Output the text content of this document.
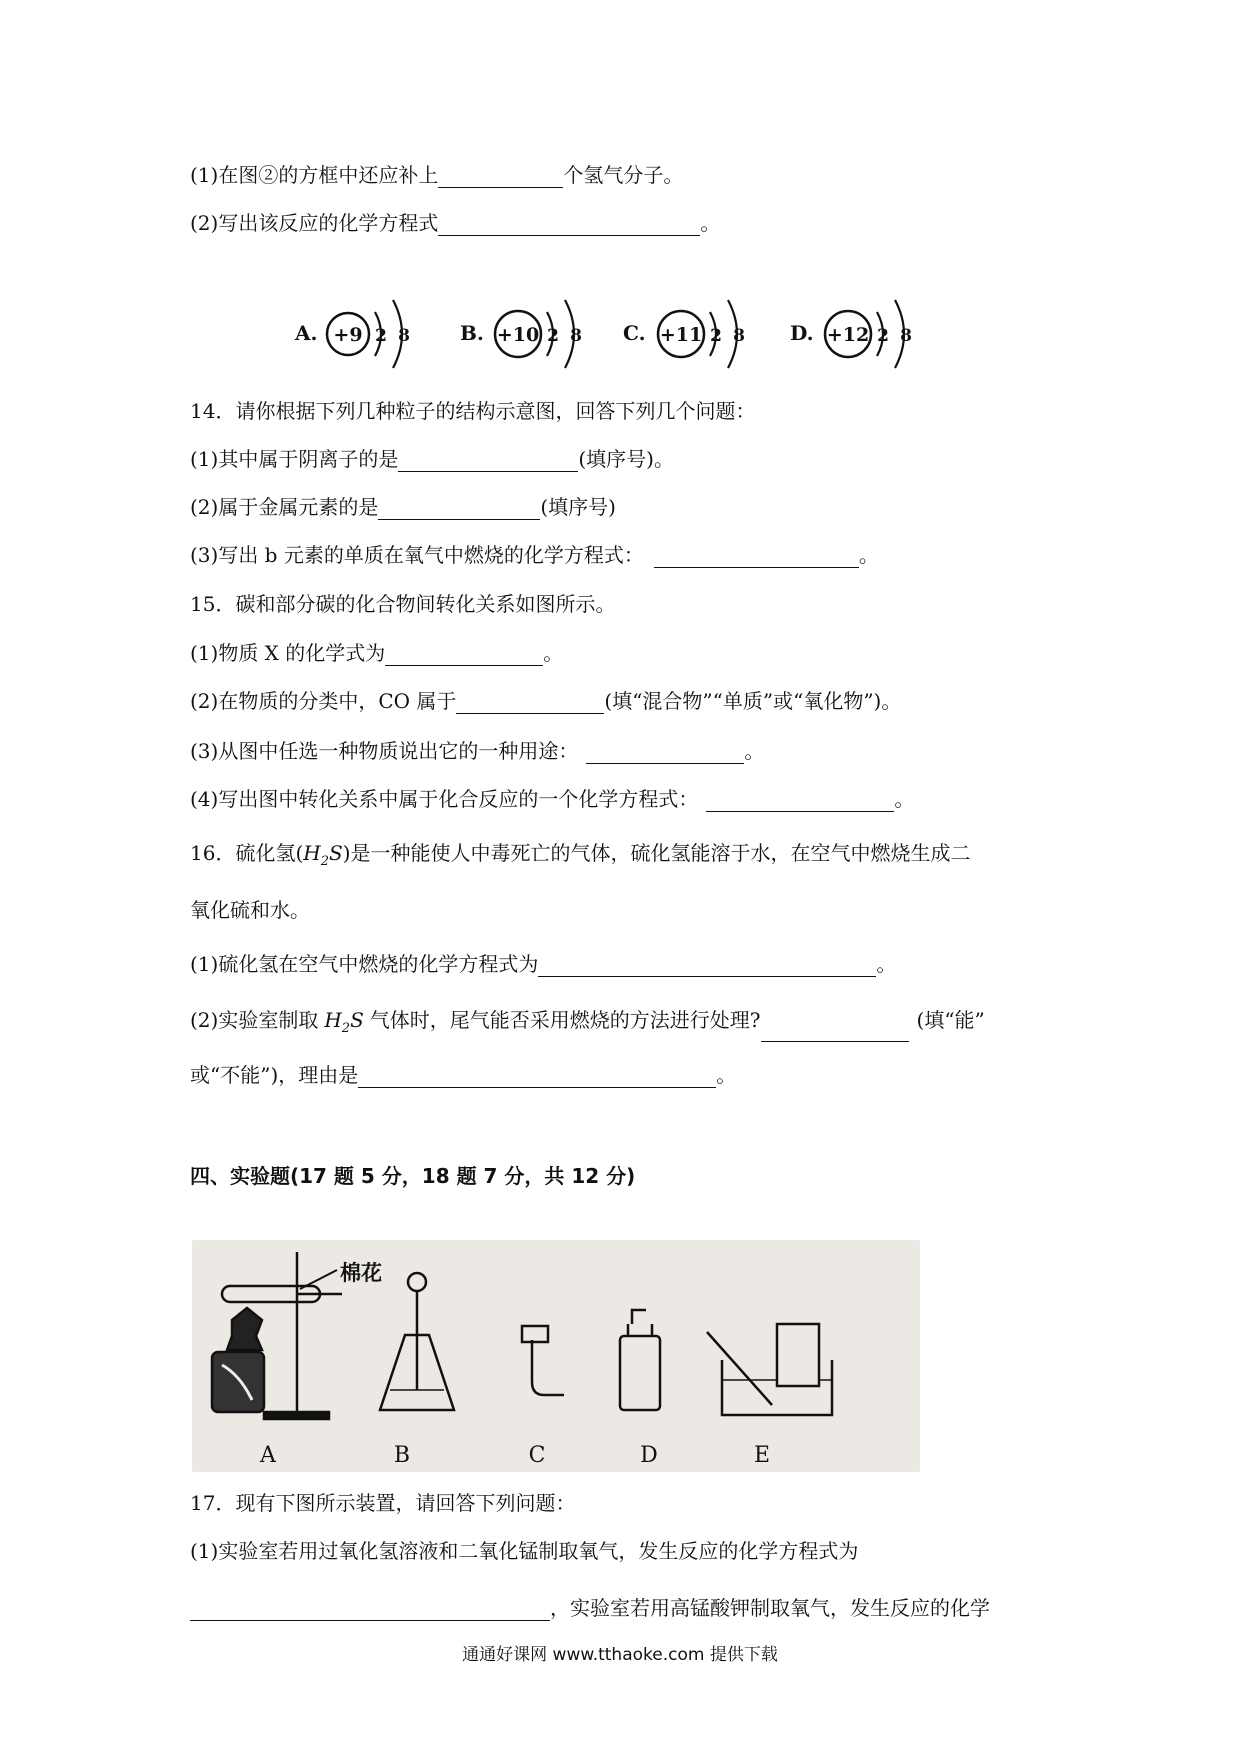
(1)在图②的方框中还应补上	个氢气分子。
(2)写出该反应的化学方程式	。
A. +9 2 8	B. +10 2 8 C. +11 2 8 D. +12 2 8
14．请你根据下列几种粒子的结构示意图，回答下列几个问题：
(1)其中属于阴离子的是	(填序号)。
(2)属于金属元素的是	(填序号)
(3)写出 b 元素的单质在氧气中燃烧的化学方程式：	。
15．碳和部分碳的化合物间转化关系如图所示。
(1)物质 X 的化学式为	。
(2)在物质的分类中，CO 属于	(填“混合物”“单质”或“氧化物”)。
(3)从图中任选一种物质说出它的一种用途：	。
(4)写出图中转化关系中属于化合反应的一个化学方程式：	。
16．硫化氢$(H_2S)$是一种能使人中毒死亡的气体，硫化氢能溶于水，在空气中燃烧生成二
氧化硫和水。
(1)硫化氢在空气中燃烧的化学方程式为	。
(2)实验室制取 $H_2S$ 气体时，尾气能否采用燃烧的方法进行处理?	(填“能”
或“不能”)，理由是	。
四、实验题(17 题 5 分，18 题 7 分，共 12 分)
棉花
A	B	C	D	E
17．现有下图所示装置，请回答下列问题：
(1)实验室若用过氧化氢溶液和二氧化锰制取氧气，发生反应的化学方程式为
，实验室若用高锰酸钾制取氧气，发生反应的化学
通通好课网 www.tthaoke.com 提供下载
